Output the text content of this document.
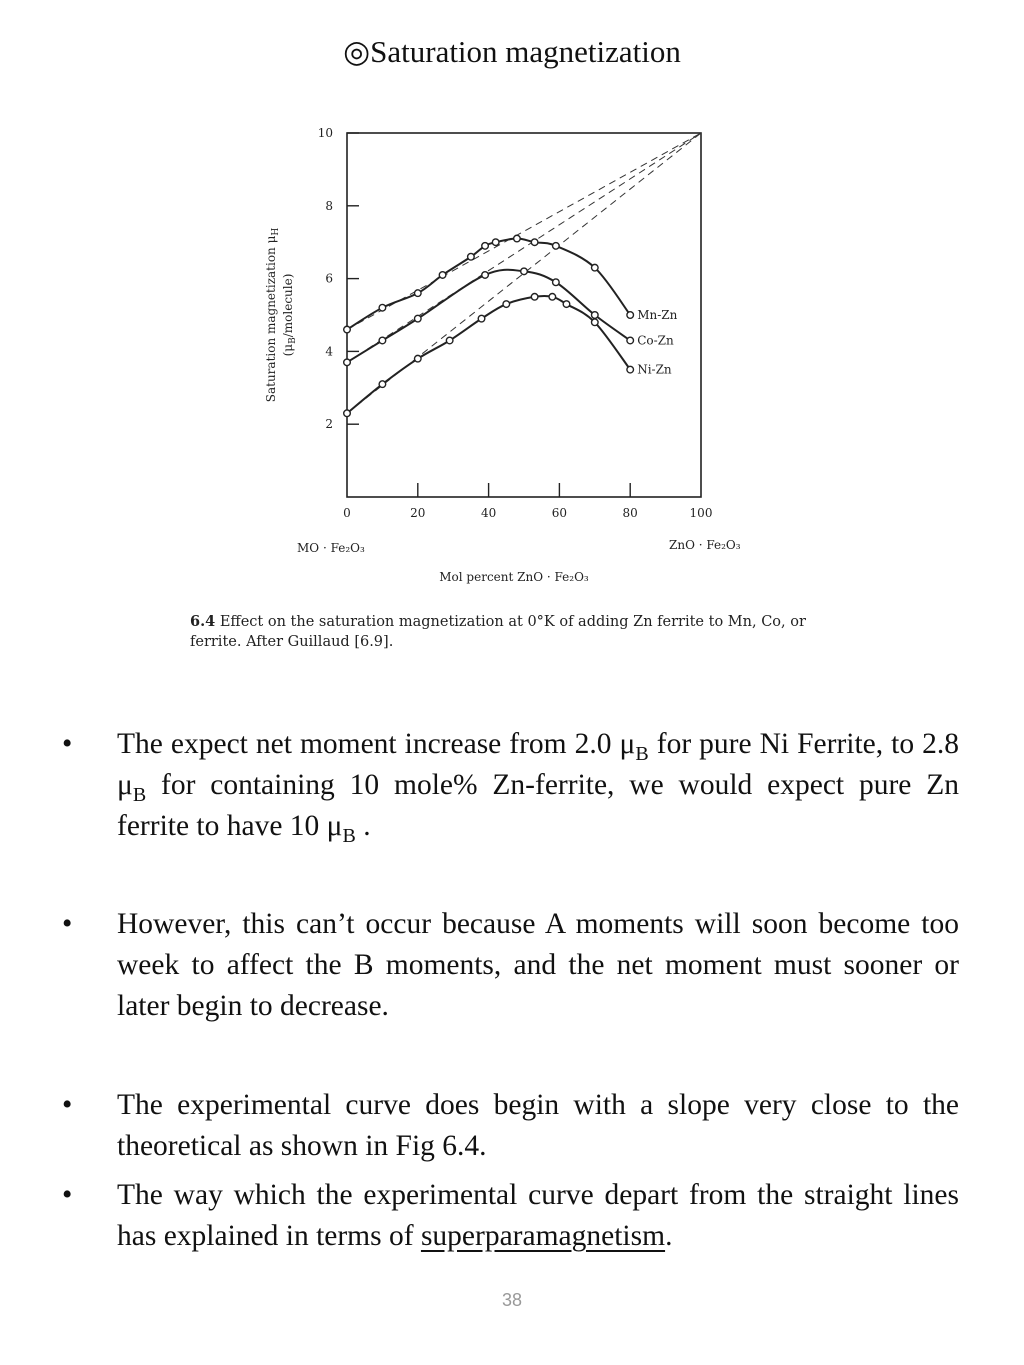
◎Saturation magnetization
2
4
6
8
10
0	20	40	60	80	100
Mn-Zn
Co-Zn
Ni-Zn
Saturation magnetization $\mu_H$
$(\mu_B/molecule)$
Mol percent ZnO · Fe₂O₃
MO · Fe₂O₃	ZnO · Fe₂O₃
6.4 Effect on the saturation magnetization at 0°K of adding Zn ferrite to Mn, Co, or
ferrite. After Guillaud [6.9].
•	The expect net moment increase from 2.0 $\mu_B$ for pure Ni Ferrite, to 2.8 $\mu_B$ for containing 10 mole% Zn-ferrite, we would expect pure Zn ferrite to have 10 $\mu_B$ .
•	However, this can’t occur because A moments will soon become too week to affect the B moments, and the net moment must sooner or later begin to decrease.
•	The experimental curve does begin with a slope very close to the theoretical as shown in Fig 6.4.
•	The way which the experimental curve depart from the straight lines has explained in terms of superparamagnetism.
38
